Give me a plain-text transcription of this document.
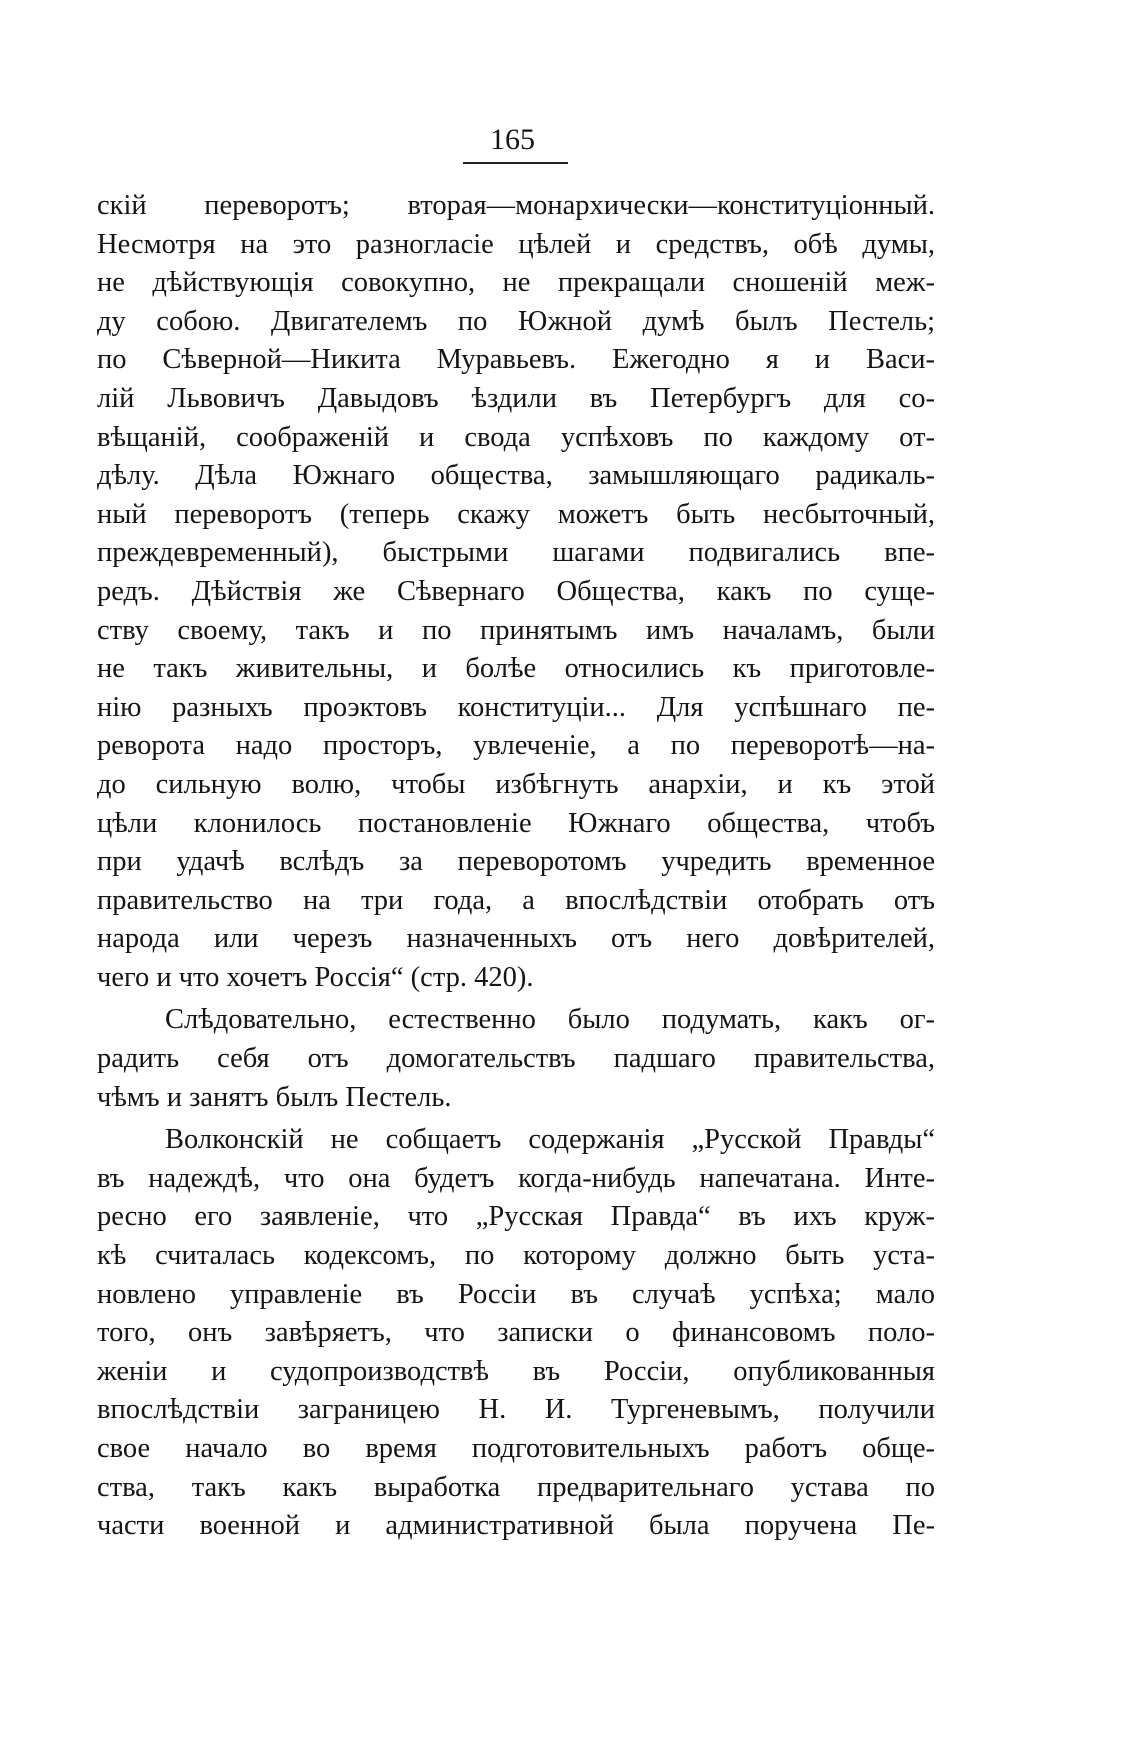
165
скій переворотъ; вторая—монархически—конституціонный.
Несмотря на это разногласіе цѣлей и средствъ, обѣ думы,
не дѣйствующія совокупно, не прекращали сношеній меж-
ду собою. Двигателемъ по Южной думѣ былъ Пестель;
по Сѣверной—Никита Муравьевъ. Ежегодно я и Васи-
лій Львовичъ Давыдовъ ѣздили въ Петербургъ для со-
вѣщаній, соображеній и свода успѣховъ по каждому от-
дѣлу. Дѣла Южнаго общества, замышляющаго радикаль-
ный переворотъ (теперь скажу можетъ быть несбыточный,
преждевременный), быстрыми шагами подвигались впе-
редъ. Дѣйствія же Сѣвернаго Общества, какъ по суще-
ству своему, такъ и по принятымъ имъ началамъ, были
не такъ живительны, и болѣе относились къ приготовле-
нію разныхъ проэктовъ конституціи... Для успѣшнаго пе-
реворота надо просторъ, увлеченіе, а по переворотѣ—на-
до сильную волю, чтобы избѣгнуть анархіи, и къ этой
цѣли клонилось постановленіе Южнаго общества, чтобъ
при удачѣ вслѣдъ за переворотомъ учредить временное
правительство на три года, а впослѣдствіи отобрать отъ
народа или черезъ назначенныхъ отъ него довѣрителей,
чего и что хочетъ Россія“ (стр. 420).
Слѣдовательно, естественно было подумать, какъ ог-
радить себя отъ домогательствъ падшаго правительства,
чѣмъ и занятъ былъ Пестель.
Волконскій не собщаетъ содержанія „Русской Правды“
въ надеждѣ, что она будетъ когда-нибудь напечатана. Инте-
ресно его заявленіе, что „Русская Правда“ въ ихъ круж-
кѣ считалась кодексомъ, по которому должно быть уста-
новлено управленіе въ Россіи въ случаѣ успѣха; мало
того, онъ завѣряетъ, что записки о финансовомъ поло-
женіи и судопроизводствѣ въ Россіи, опубликованныя
впослѣдствіи заграницею Н. И. Тургеневымъ, получили
свое начало во время подготовительныхъ работъ обще-
ства, такъ какъ выработка предварительнаго устава по
части военной и административной была поручена Пе-
